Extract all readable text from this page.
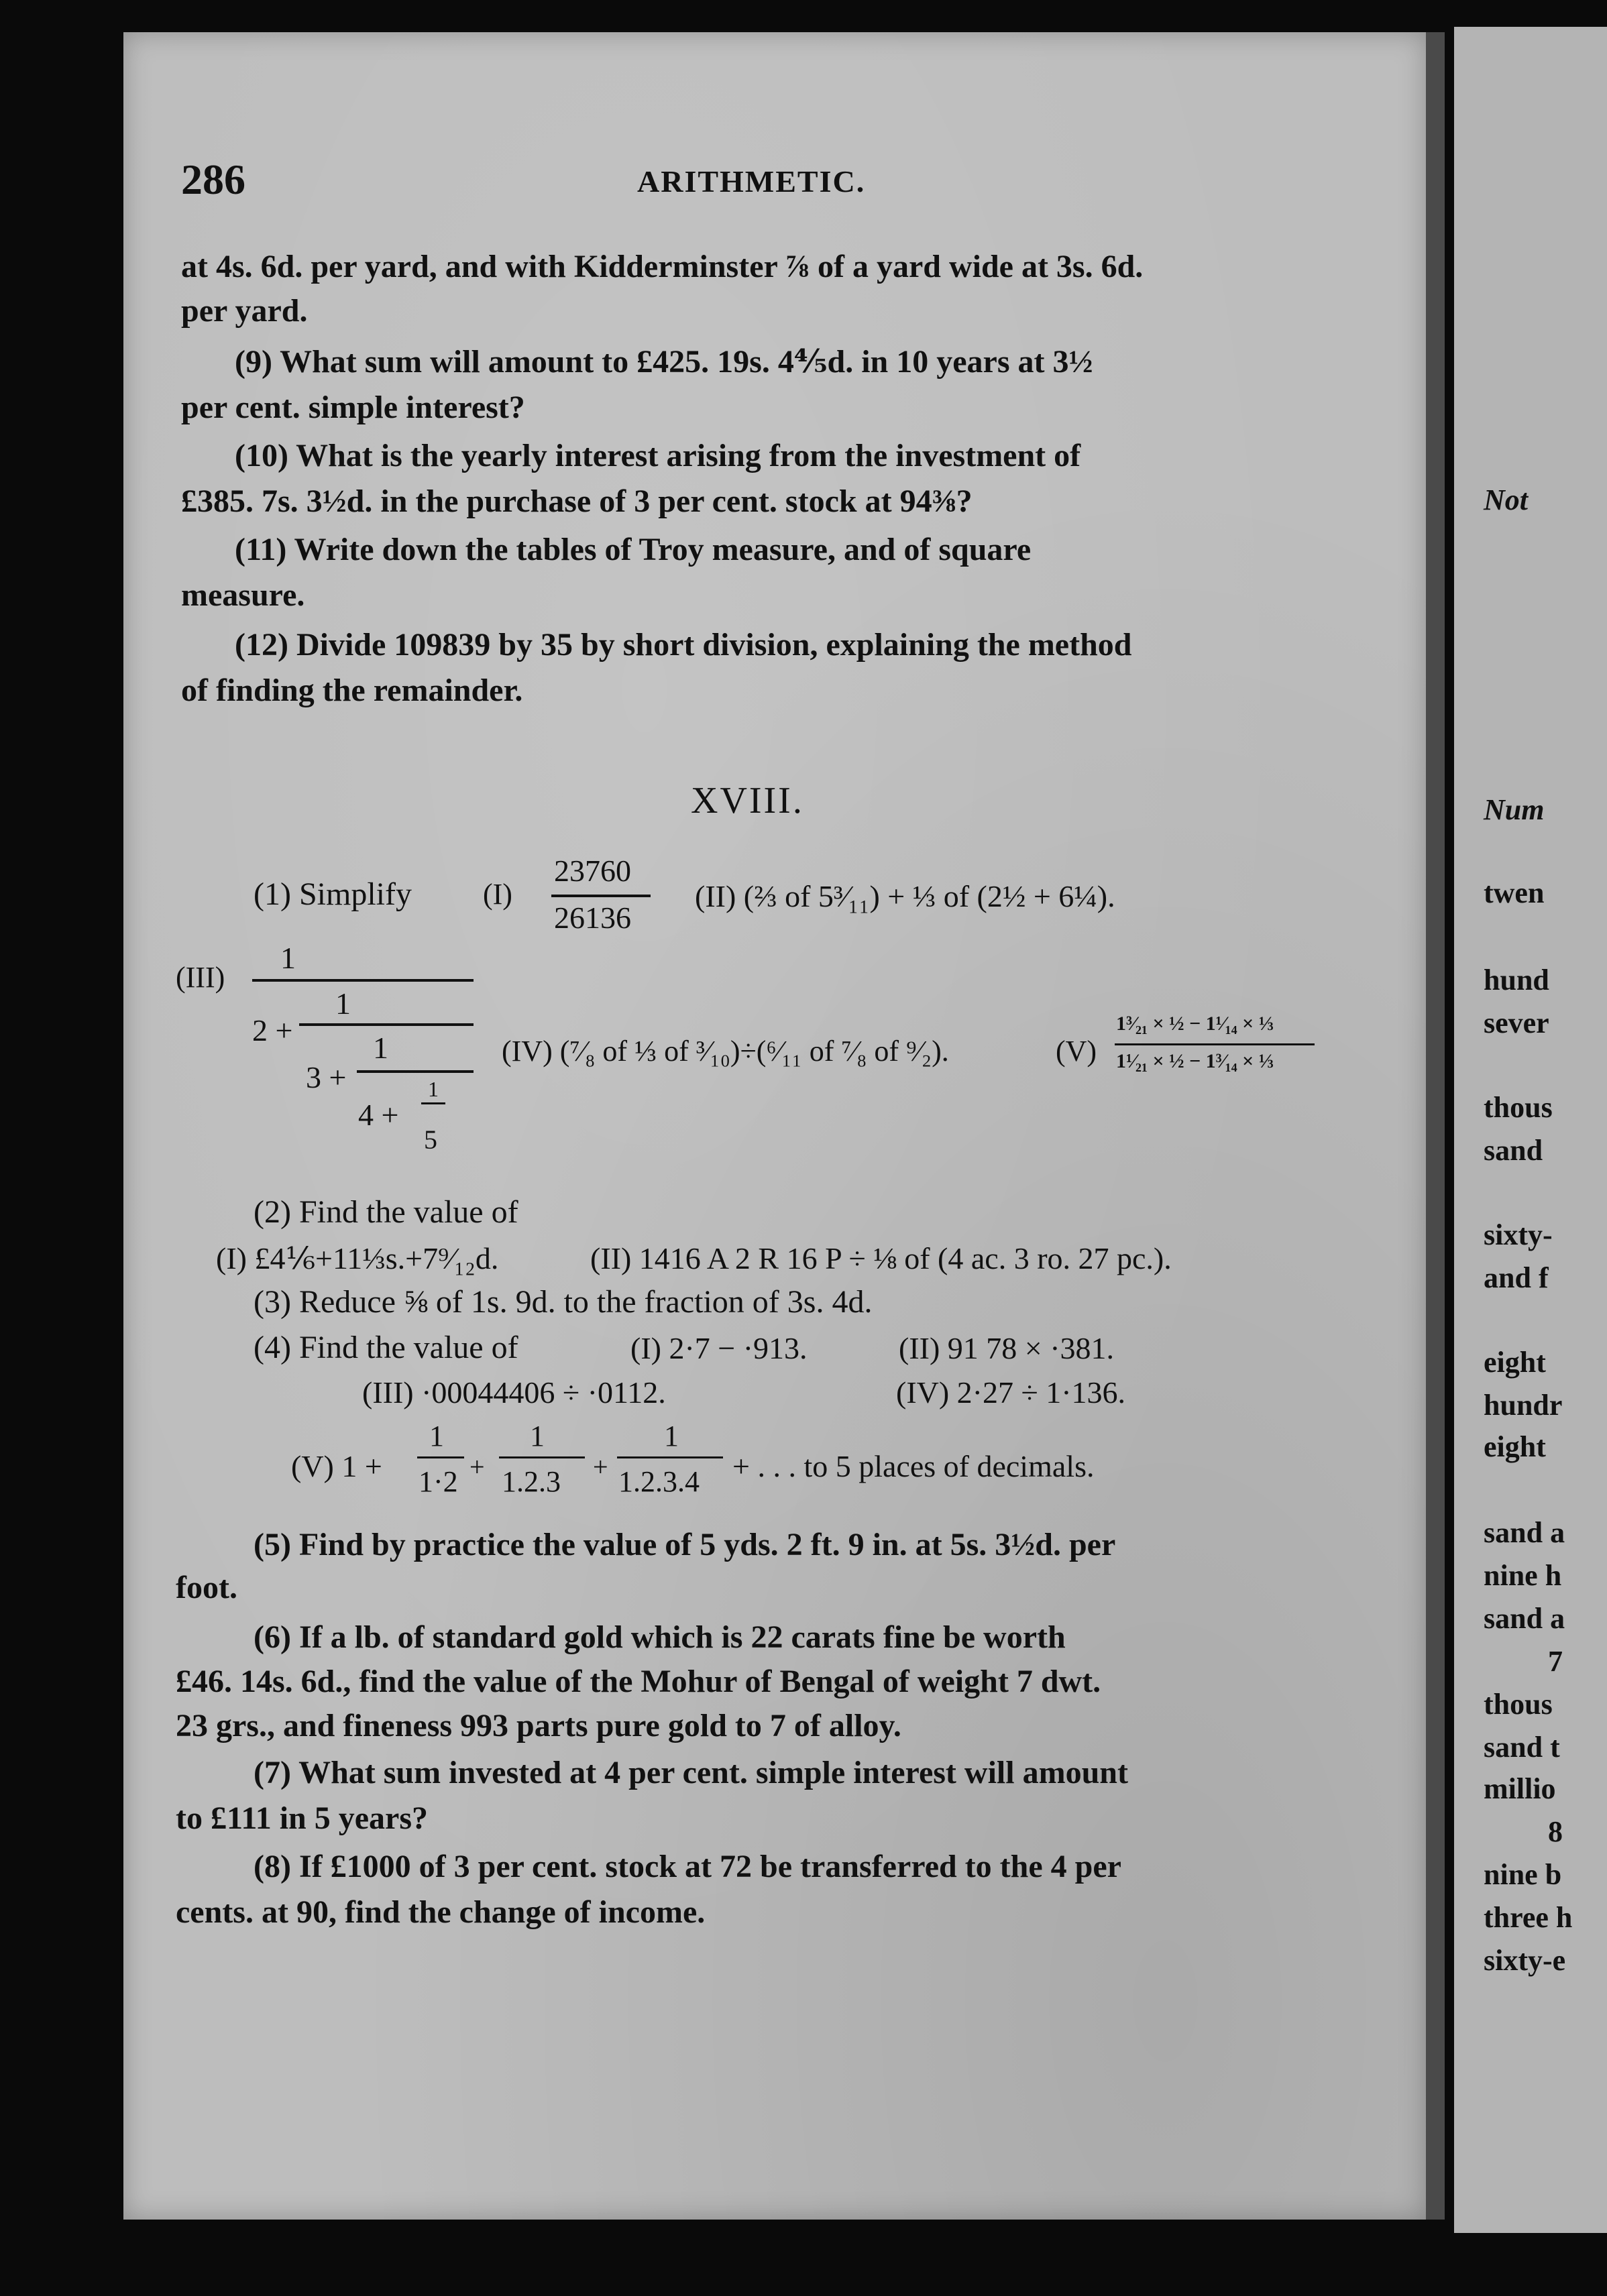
Not
Num
twen
hund
sever
thous
sand
sixty-
and f
eight
hundr
eight
sand a
nine h
sand a
7
thous
sand t
millio
8
nine b
three h
sixty-e
286	ARITHMETIC.
at 4s. 6d. per yard, and with Kidderminster ⅞ of a yard wide at 3s. 6d.
per yard.
(9) What sum will amount to £425. 19s. 4⅘d. in 10 years at 3½
per cent. simple interest?
(10) What is the yearly interest arising from the investment of
£385. 7s. 3½d. in the purchase of 3 per cent. stock at 94⅜?
(11) Write down the tables of Troy measure, and of square
measure.
(12) Divide 109839 by 35 by short division, explaining the method
of finding the remainder.
XVIII.
(1) Simplify (I)
23760
26136
(II) (⅔ of 5³⁄₁₁) + ⅓ of (2½ + 6¼).
(III)
1
2 +
1
3 +
1
4 +
1
5
(IV) (⁷⁄₈ of ⅓ of ³⁄₁₀)÷(⁶⁄₁₁ of ⁷⁄₈ of ⁹⁄₂).	(V)
1³⁄₂₁ × ½ − 1¹⁄₁₄ × ⅓
1¹⁄₂₁ × ½ − 1³⁄₁₄ × ⅓
(2) Find the value of
(I) £4⅙+11⅓s.+7⁹⁄₁₂d.	(II) 1416 A 2 R 16 P ÷ ⅛ of (4 ac. 3 ro. 27 pc.).
(3) Reduce ⅝ of 1s. 9d. to the fraction of 3s. 4d.
(4) Find the value of	(I) 2·7 − ·913.	(II) 91 78 × ·381.
(III) ·00044406 ÷ ·0112.	(IV) 2·27 ÷ 1·136.
(V) 1 +
1
1·2 +
1
1.2.3 +
1
1.2.3.4 + . . . to 5 places of decimals.
(5) Find by practice the value of 5 yds. 2 ft. 9 in. at 5s. 3½d. per
foot.
(6) If a lb. of standard gold which is 22 carats fine be worth
£46. 14s. 6d., find the value of the Mohur of Bengal of weight 7 dwt.
23 grs., and fineness 993 parts pure gold to 7 of alloy.
(7) What sum invested at 4 per cent. simple interest will amount
to £111 in 5 years?
(8) If £1000 of 3 per cent. stock at 72 be transferred to the 4 per
cents. at 90, find the change of income.
